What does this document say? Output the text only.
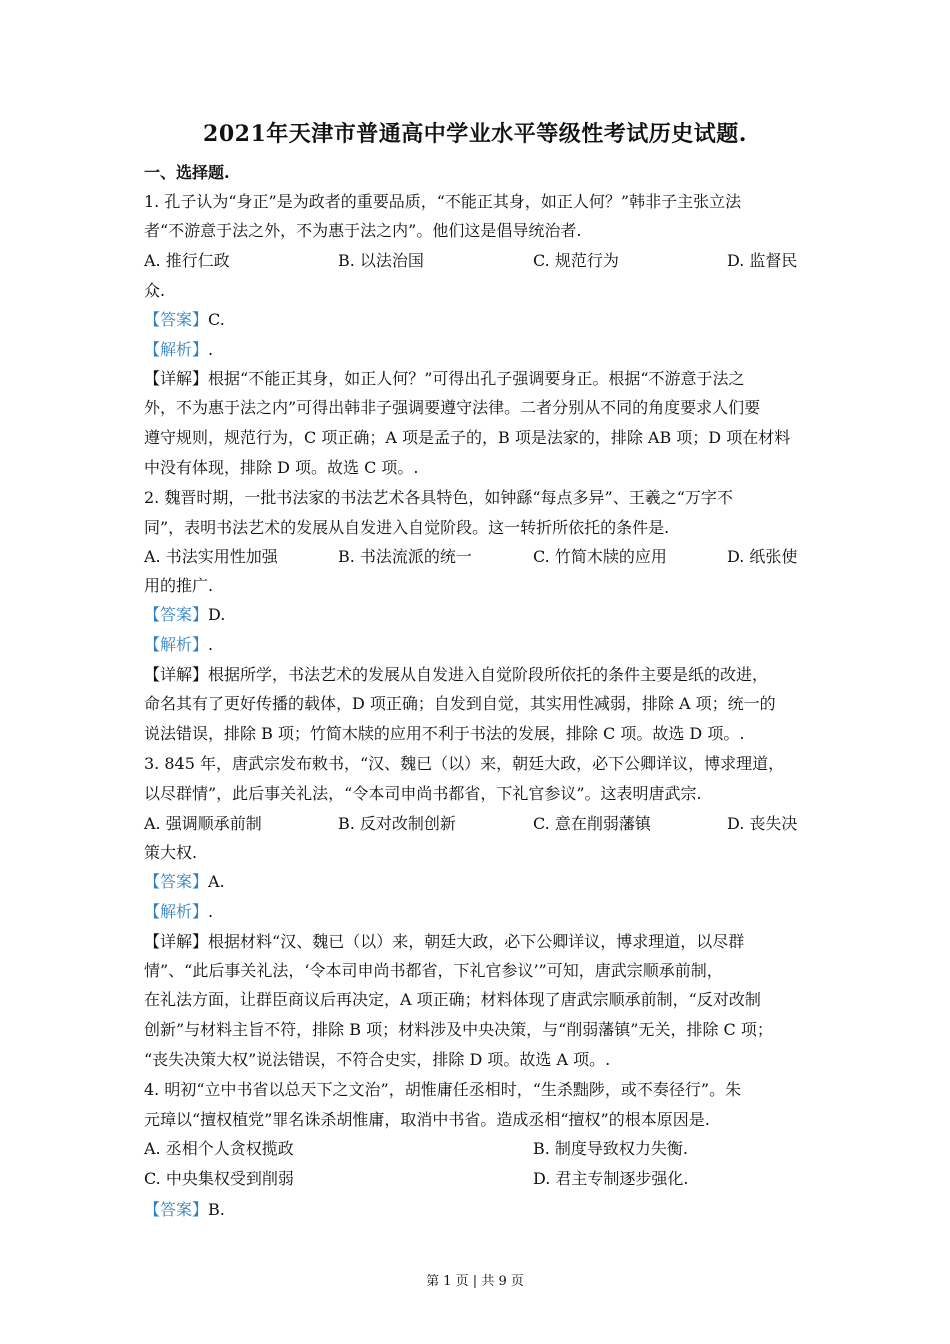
2021年天津市普通高中学业水平等级性考试历史试题.
一、选择题.
1. 孔子认为“身正”是为政者的重要品质，“不能正其身，如正人何？”韩非子主张立法
者“不游意于法之外，不为惠于法之内”。他们这是倡导统治者.
A. 推行仁政	B. 以法治国	C. 规范行为	D. 监督民
众.
【答案】C.
【解析】.
【详解】根据“不能正其身，如正人何？”可得出孔子强调要身正。根据“不游意于法之
外，不为惠于法之内”可得出韩非子强调要遵守法律。二者分别从不同的角度要求人们要
遵守规则，规范行为，C 项正确；A 项是孟子的，B 项是法家的，排除 AB 项；D 项在材料
中没有体现，排除 D 项。故选 C 项。.
2. 魏晋时期，一批书法家的书法艺术各具特色，如钟繇“每点多异”、王羲之“万字不
同”，表明书法艺术的发展从自发进入自觉阶段。这一转折所依托的条件是.
A. 书法实用性加强	B. 书法流派的统一	C. 竹简木牍的应用	D. 纸张使
用的推广.
【答案】D.
【解析】.
【详解】根据所学，书法艺术的发展从自发进入自觉阶段所依托的条件主要是纸的改进，
命名其有了更好传播的载体，D 项正确；自发到自觉，其实用性减弱，排除 A 项；统一的
说法错误，排除 B 项；竹简木牍的应用不利于书法的发展，排除 C 项。故选 D 项。.
3. 845 年，唐武宗发布敕书，“汉、魏已（以）来，朝廷大政，必下公卿详议，博求理道，
以尽群情”，此后事关礼法，“令本司申尚书都省，下礼官参议”。这表明唐武宗.
A. 强调顺承前制	B. 反对改制创新	C. 意在削弱藩镇	D. 丧失决
策大权.
【答案】A.
【解析】.
【详解】根据材料“汉、魏已（以）来，朝廷大政，必下公卿详议，博求理道，以尽群
情”、“此后事关礼法，‘令本司申尚书都省，下礼官参议’”可知，唐武宗顺承前制，
在礼法方面，让群臣商议后再决定，A 项正确；材料体现了唐武宗顺承前制，“反对改制
创新”与材料主旨不符，排除 B 项；材料涉及中央决策，与“削弱藩镇”无关，排除 C 项；
“丧失决策大权”说法错误，不符合史实，排除 D 项。故选 A 项。.
4. 明初“立中书省以总天下之文治”，胡惟庸任丞相时，“生杀黜陟，或不奏径行”。朱
元璋以“擅权植党”罪名诛杀胡惟庸，取消中书省。造成丞相“擅权”的根本原因是.
A. 丞相个人贪权揽政	B. 制度导致权力失衡.
C. 中央集权受到削弱	D. 君主专制逐步强化.
【答案】B.
第 1 页 | 共 9 页
